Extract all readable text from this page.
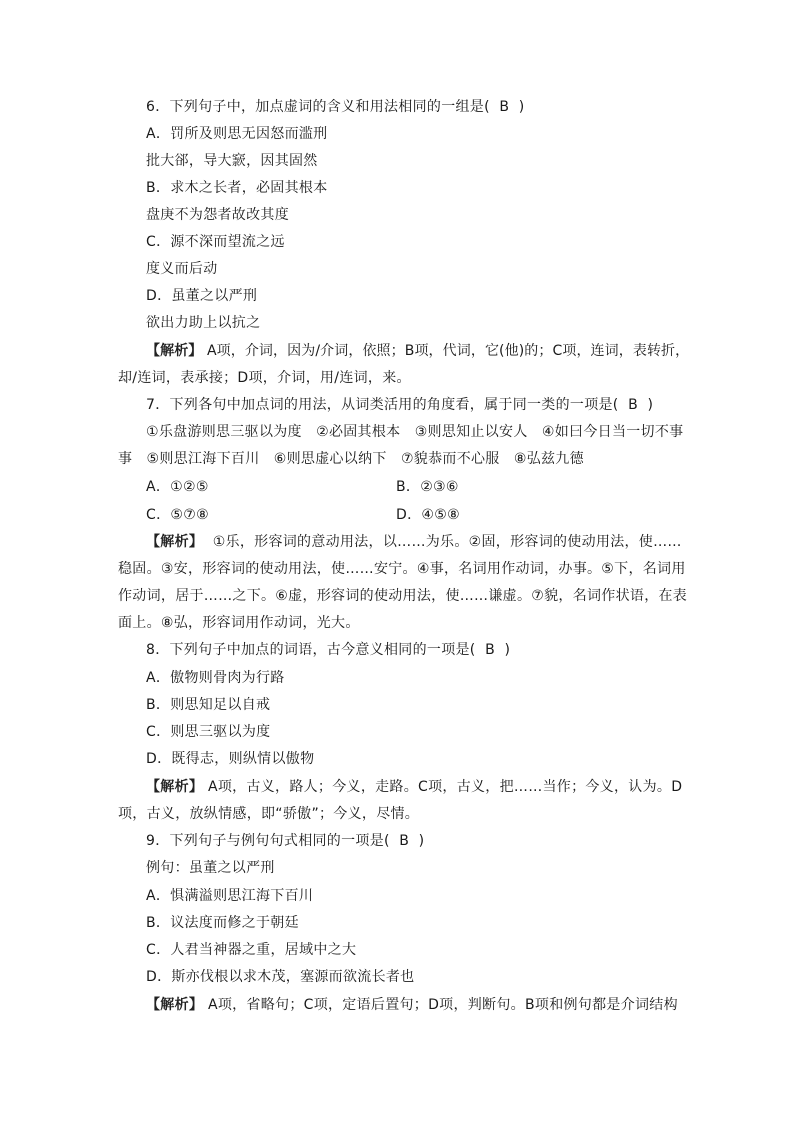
6．下列句子中，加点虚词的含义和用法相同的一组是(  B  )
A．罚所及则思无因怒而滥刑
批大郤，导大窾，因其固然
B．求木之长者，必固其根本
盘庚不为怨者故改其度
C．源不深而望流之远
度义而后动
D．虽董之以严刑
欲出力助上以抗之
【解析】 A项，介词，因为/介词，依照；B项，代词，它(他)的；C项，连词，表转折，
却/连词，表承接；D项，介词，用/连词，来。
7．下列各句中加点词的用法，从词类活用的角度看，属于同一类的一项是(  B  )
①乐盘游则思三驱以为度   ②必固其根本   ③则思知止以安人   ④如曰今日当一切不事
事   ⑤则思江海下百川   ⑥则思虚心以纳下   ⑦貌恭而不心服   ⑧弘兹九德
A．①②⑤	B．②③⑥
C．⑤⑦⑧	D．④⑤⑧
【解析】  ①乐，形容词的意动用法，以……为乐。②固，形容词的使动用法，使……
稳固。③安，形容词的使动用法，使……安宁。④事，名词用作动词，办事。⑤下，名词用
作动词，居于……之下。⑥虚，形容词的使动用法，使……谦虚。⑦貌，名词作状语，在表
面上。⑧弘，形容词用作动词，光大。
8．下列句子中加点的词语，古今意义相同的一项是(  B  )
A．傲物则骨肉为行路
B．则思知足以自戒
C．则思三驱以为度
D．既得志，则纵情以傲物
【解析】 A项，古义，路人；今义，走路。C项，古义，把……当作；今义，认为。D
项，古义，放纵情感，即“骄傲”；今义，尽情。
9．下列句子与例句句式相同的一项是(  B  )
例句：虽董之以严刑
A．惧满溢则思江海下百川
B．议法度而修之于朝廷
C．人君当神器之重，居域中之大
D．斯亦伐根以求木茂，塞源而欲流长者也
【解析】 A项，省略句；C项，定语后置句；D项，判断句。B项和例句都是介词结构
